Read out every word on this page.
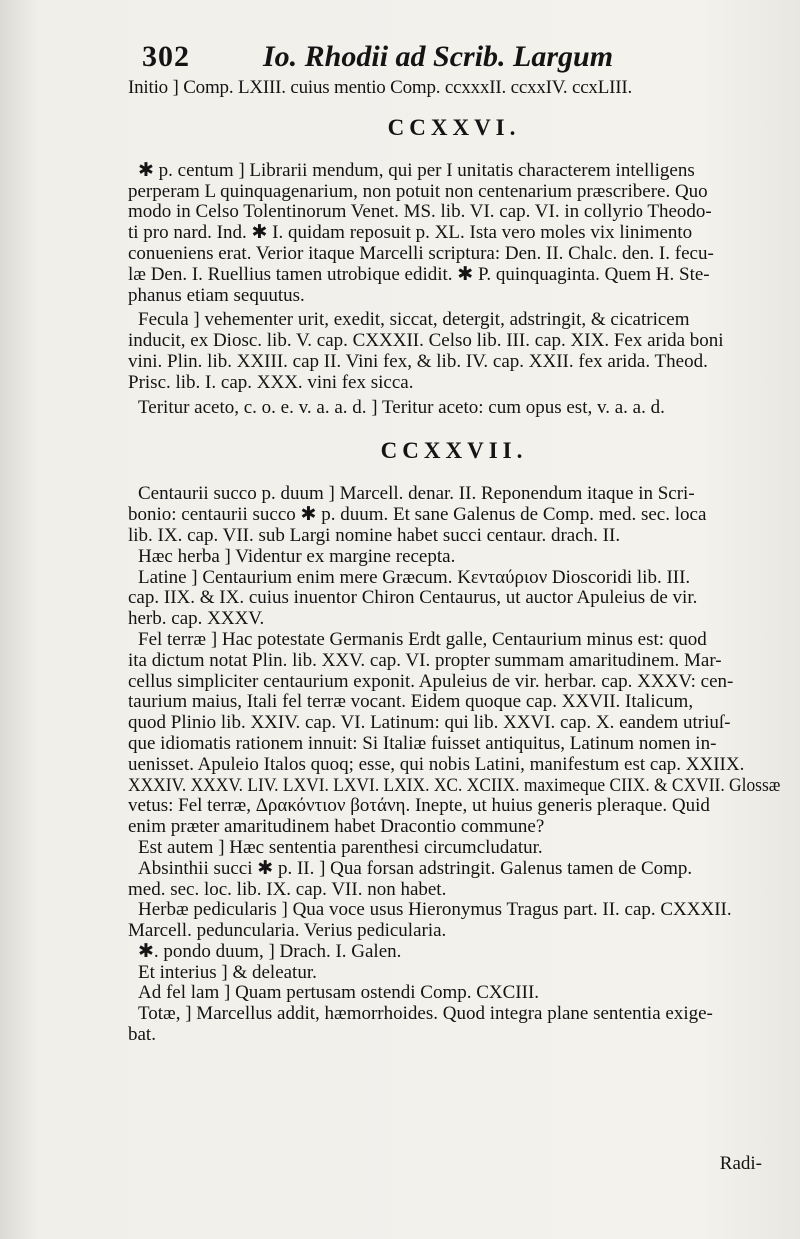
302 Io. Rhodii ad Scrib. Largum
Initio ] Comp. LXIII. cuius mentio Comp. ccxxxII. ccxxIV. ccxLIII.
CCXXVI.
✱ p. centum ] Librarii mendum, qui per I unitatis characterem intelligens
perperam L quinquagenarium, non potuit non centenarium præscribere. Quo
modo in Celso Tolentinorum Venet. MS. lib. VI. cap. VI. in collyrio Theodo-
ti pro nard. Ind. ✱ I. quidam reposuit p. XL. Ista vero moles vix linimento
conueniens erat. Verior itaque Marcelli scriptura: Den. II. Chalc. den. I. fecu-
læ Den. I. Ruellius tamen utrobique edidit. ✱ P. quinquaginta. Quem H. Ste-
phanus etiam sequutus.
Fecula ] vehementer urit, exedit, siccat, detergit, adstringit, & cicatricem
inducit, ex Diosc. lib. V. cap. CXXXII. Celso lib. III. cap. XIX. Fex arida boni
vini. Plin. lib. XXIII. cap II. Vini fex, & lib. IV. cap. XXII. fex arida. Theod.
Prisc. lib. I. cap. XXX. vini fex sicca.
Teritur aceto, c. o. e. v. a. a. d. ] Teritur aceto: cum opus est, v. a. a. d.
CCXXVII.
Centaurii succo p. duum ] Marcell. denar. II. Reponendum itaque in Scri-
bonio: centaurii succo ✱ p. duum. Et sane Galenus de Comp. med. sec. loca
lib. IX. cap. VII. sub Largi nomine habet succi centaur. drach. II.
Hæc herba ] Videntur ex margine recepta.
Latine ] Centaurium enim mere Græcum. Κενταύριον Dioscoridi lib. III.
cap. IIX. & IX. cuius inuentor Chiron Centaurus, ut auctor Apuleius de vir.
herb. cap. XXXV.
Fel terræ ] Hac potestate Germanis Erdt galle, Centaurium minus est: quod
ita dictum notat Plin. lib. XXV. cap. VI. propter summam amaritudinem. Mar-
cellus simpliciter centaurium exponit. Apuleius de vir. herbar. cap. XXXV: cen-
taurium maius, Itali fel terræ vocant. Eidem quoque cap. XXVII. Italicum,
quod Plinio lib. XXIV. cap. VI. Latinum: qui lib. XXVI. cap. X. eandem utriuſ-
que idiomatis rationem innuit: Si Italiæ fuisset antiquitus, Latinum nomen in-
uenisset. Apuleio Italos quoq; esse, qui nobis Latini, manifestum est cap. XXIIX.
XXXIV. XXXV. LIV. LXVI. LXVI. LXIX. XC. XCIIX. maximeque CIIX. & CXVII. Glossæ
vetus: Fel terræ, Δρακόντιον βοτάνη. Inepte, ut huius generis pleraque. Quid
enim præter amaritudinem habet Dracontio commune?
Est autem ] Hæc sententia parenthesi circumcludatur.
Absinthii succi ✱ p. II. ] Qua forsan adstringit. Galenus tamen de Comp.
med. sec. loc. lib. IX. cap. VII. non habet.
Herbæ pedicularis ] Qua voce usus Hieronymus Tragus part. II. cap. CXXXII.
Marcell. peduncularia. Verius pedicularia.
✱. pondo duum, ] Drach. I. Galen.
Et interius ] & deleatur.
Ad fel lam ] Quam pertusam ostendi Comp. CXCIII.
Totæ, ] Marcellus addit, hæmorrhoides. Quod integra plane sententia exige-
bat.
Radi-
